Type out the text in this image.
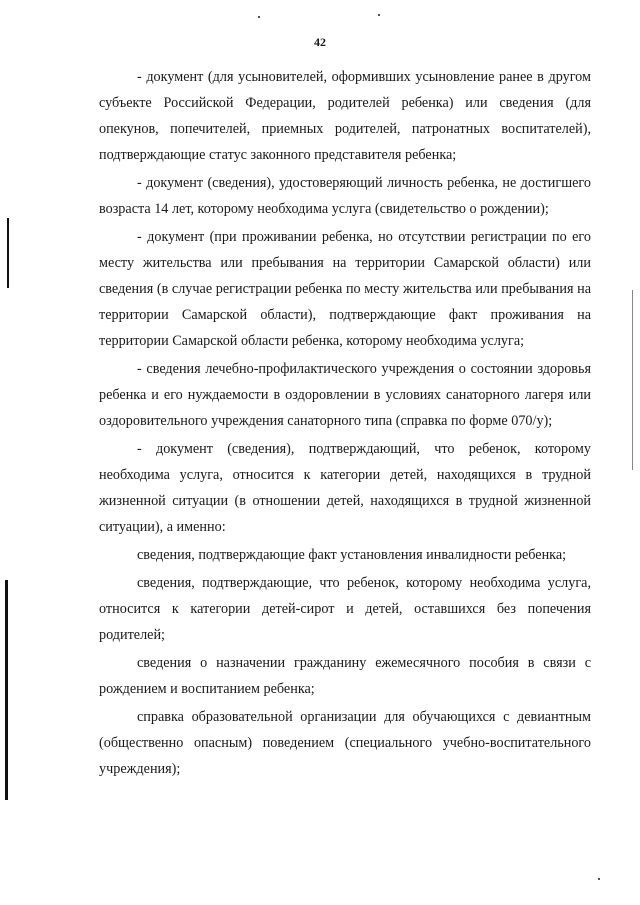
42

- документ (для усыновителей, оформивших усыновление ранее в другом субъекте Российской Федерации, родителей ребенка) или сведения (для опекунов, попечителей, приемных родителей, патронатных воспитателей), подтверждающие статус законного представителя ребенка;

- документ (сведения), удостоверяющий личность ребенка, не достигшего возраста 14 лет, которому необходима услуга (свидетельство о рождении);

- документ (при проживании ребенка, но отсутствии регистрации по его месту жительства или пребывания на территории Самарской области) или сведения (в случае регистрации ребенка по месту жительства или пребывания на территории Самарской области), подтверждающие факт проживания на территории Самарской области ребенка, которому необходима услуга;

- сведения лечебно-профилактического учреждения о состоянии здоровья ребенка и его нуждаемости в оздоровлении в условиях санаторного лагеря или оздоровительного учреждения санаторного типа (справка по форме 070/у);

- документ (сведения), подтверждающий, что ребенок, которому необходима услуга, относится к категории детей, находящихся в трудной жизненной ситуации (в отношении детей, находящихся в трудной жизненной ситуации), а именно:

сведения, подтверждающие факт установления инвалидности ребенка;

сведения, подтверждающие, что ребенок, которому необходима услуга, относится к категории детей-сирот и детей, оставшихся без попечения родителей;

сведения о назначении гражданину ежемесячного пособия в связи с рождением и воспитанием ребенка;

справка образовательной организации для обучающихся с девиантным (общественно опасным) поведением (специального учебно-воспитательного учреждения);
